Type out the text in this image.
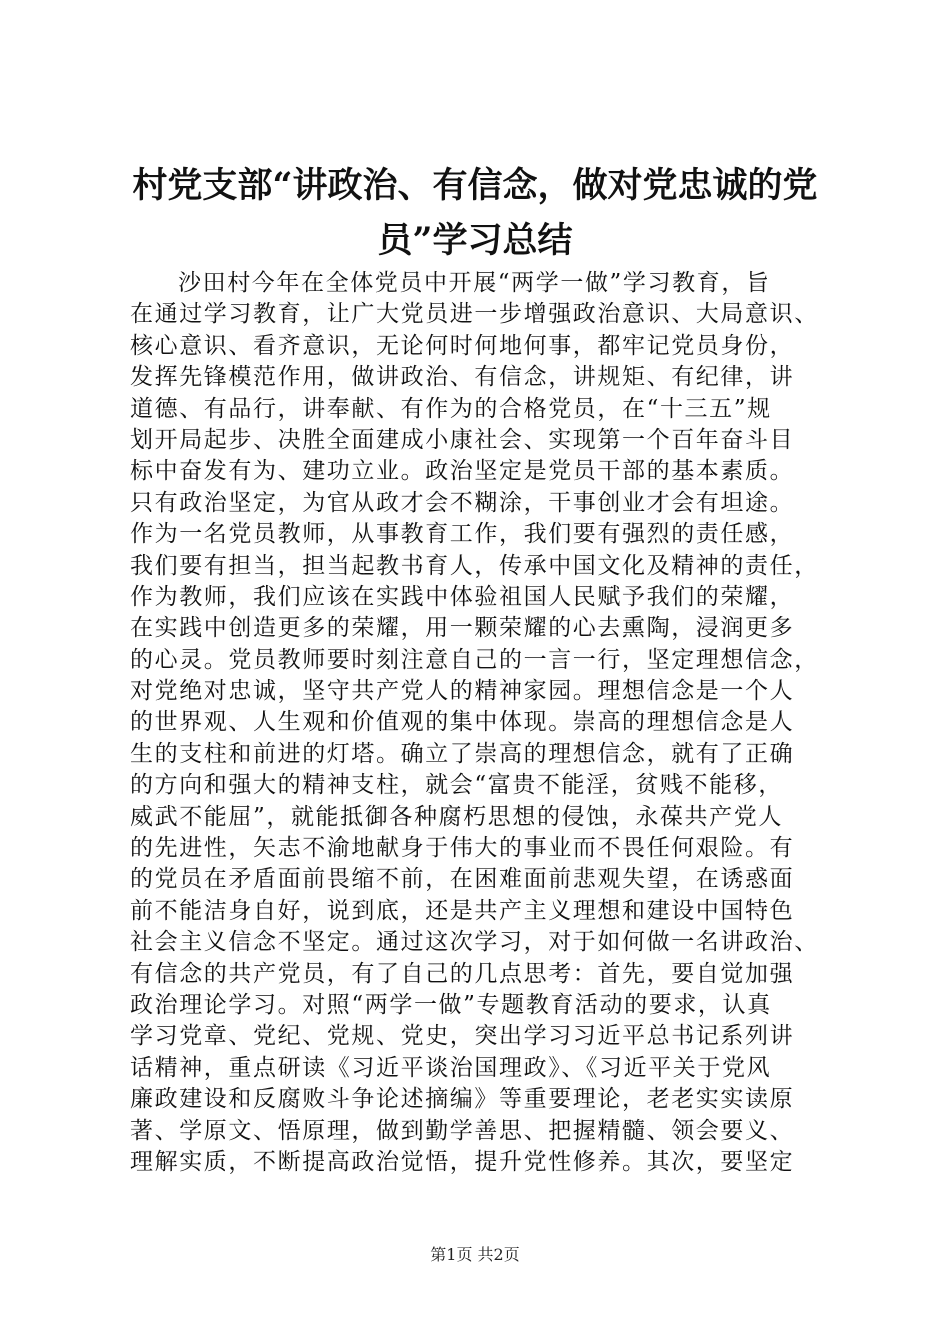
村党支部“讲政治、有信念，做对党忠诚的党
员”学习总结
沙田村今年在全体党员中开展“两学一做”学习教育，旨
在通过学习教育，让广大党员进一步增强政治意识、大局意识、
核心意识、看齐意识，无论何时何地何事，都牢记党员身份，
发挥先锋模范作用，做讲政治、有信念，讲规矩、有纪律，讲
道德、有品行，讲奉献、有作为的合格党员，在“十三五”规
划开局起步、决胜全面建成小康社会、实现第一个百年奋斗目
标中奋发有为、建功立业。政治坚定是党员干部的基本素质。
只有政治坚定，为官从政才会不糊涂，干事创业才会有坦途。
作为一名党员教师，从事教育工作，我们要有强烈的责任感，
我们要有担当，担当起教书育人，传承中国文化及精神的责任，
作为教师，我们应该在实践中体验祖国人民赋予我们的荣耀，
在实践中创造更多的荣耀，用一颗荣耀的心去熏陶，浸润更多
的心灵。党员教师要时刻注意自己的一言一行，坚定理想信念，
对党绝对忠诚，坚守共产党人的精神家园。理想信念是一个人
的世界观、人生观和价值观的集中体现。崇高的理想信念是人
生的支柱和前进的灯塔。确立了崇高的理想信念，就有了正确
的方向和强大的精神支柱，就会“富贵不能淫，贫贱不能移，
威武不能屈”，就能抵御各种腐朽思想的侵蚀，永葆共产党人
的先进性，矢志不渝地献身于伟大的事业而不畏任何艰险。有
的党员在矛盾面前畏缩不前，在困难面前悲观失望，在诱惑面
前不能洁身自好，说到底，还是共产主义理想和建设中国特色
社会主义信念不坚定。通过这次学习，对于如何做一名讲政治、
有信念的共产党员，有了自己的几点思考：首先，要自觉加强
政治理论学习。对照“两学一做”专题教育活动的要求，认真
学习党章、党纪、党规、党史，突出学习习近平总书记系列讲
话精神，重点研读《习近平谈治国理政》、《习近平关于党风
廉政建设和反腐败斗争论述摘编》等重要理论，老老实实读原
著、学原文、悟原理，做到勤学善思、把握精髓、领会要义、
理解实质，不断提高政治觉悟，提升党性修养。其次，要坚定
第1页 共2页
